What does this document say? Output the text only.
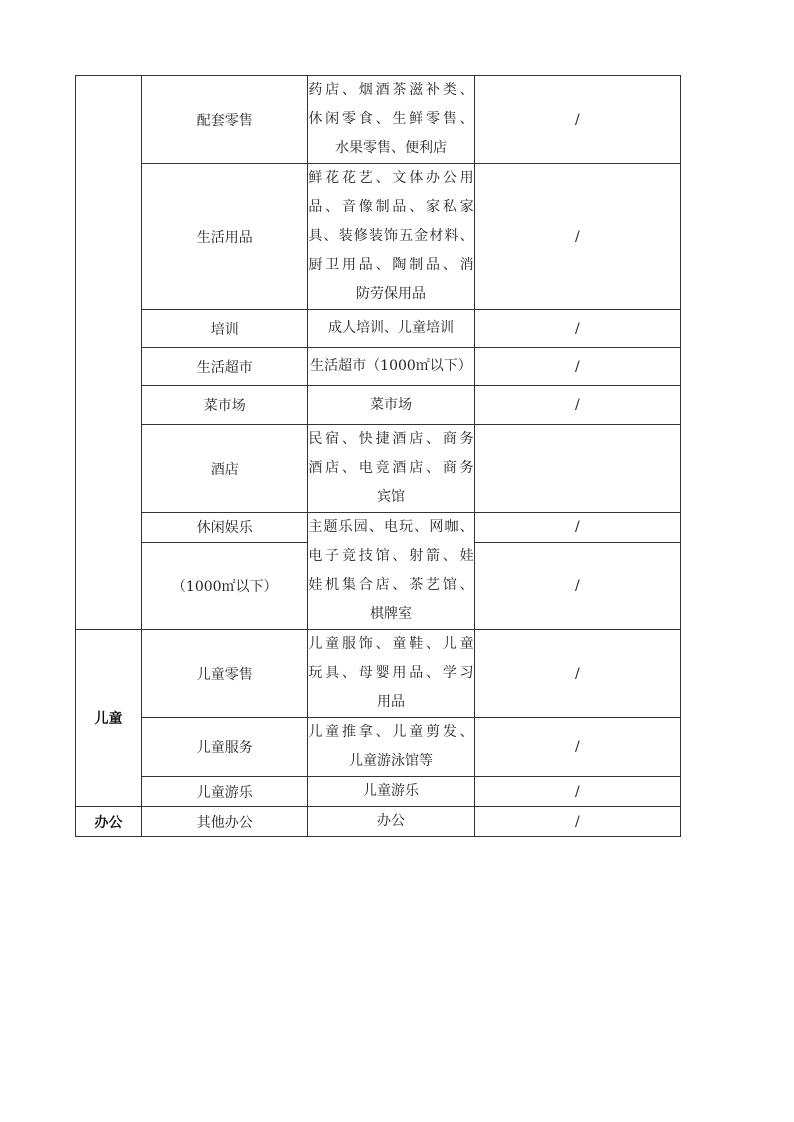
	配套零售	药店、烟酒茶滋补类、
休闲零食、生鲜零售、
水果零售、便利店	/
	生活用品	鲜花花艺、文体办公用
品、音像制品、家私家
具、装修装饰五金材料、
厨卫用品、陶制品、消
防劳保用品	/
	培训	成人培训、儿童培训	/
	生活超市	生活超市（1000㎡以下）	/
	菜市场	菜市场	/
	酒店	民宿、快捷酒店、商务
酒店、电竞酒店、商务
宾馆	

	休闲娱乐	主题乐园、电玩、网咖、
电子竞技馆、射箭、娃
娃机集合店、茶艺馆、
棋牌室	/
	（1000㎡以下）		/
儿童	儿童零售	儿童服饰、童鞋、儿童
玩具、母婴用品、学习
用品	/
	儿童服务	儿童推拿、儿童剪发、
儿童游泳馆等	/
	儿童游乐	儿童游乐	/
办公	其他办公	办公	/
